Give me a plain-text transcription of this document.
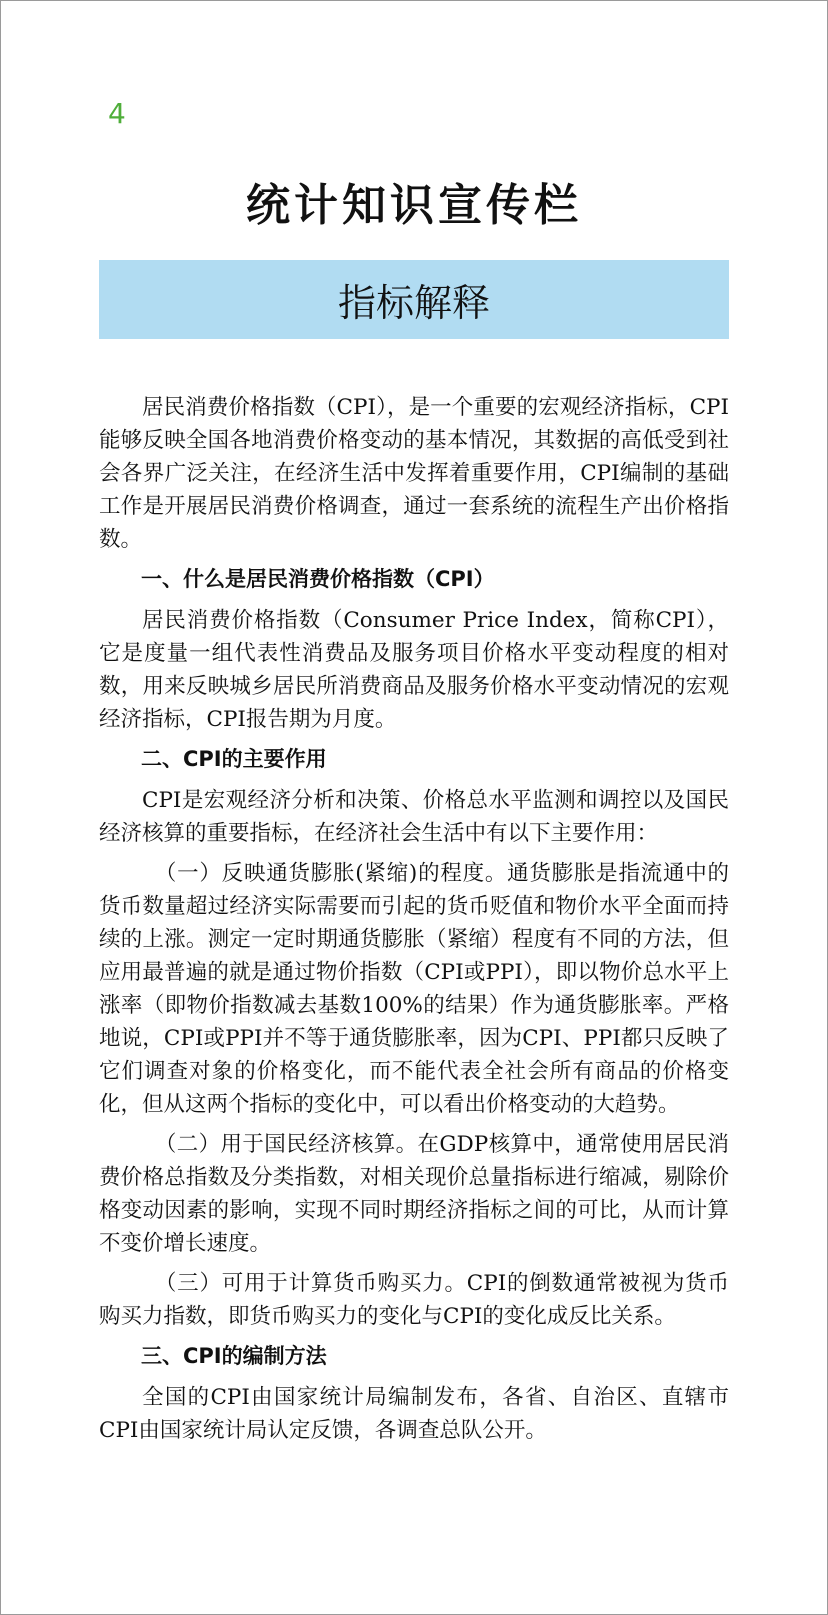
4
统计知识宣传栏
指标解释

居民消费价格指数（CPI），是一个重要的宏观经济指标，CPI能够反映全国各地消费价格变动的基本情况，其数据的高低受到社会各界广泛关注，在经济生活中发挥着重要作用，CPI编制的基础工作是开展居民消费价格调查，通过一套系统的流程生产出价格指数。

一、什么是居民消费价格指数（CPI）

居民消费价格指数（Consumer Price Index，简称CPI），它是度量一组代表性消费品及服务项目价格水平变动程度的相对数，用来反映城乡居民所消费商品及服务价格水平变动情况的宏观经济指标，CPI报告期为月度。

二、CPI的主要作用

CPI是宏观经济分析和决策、价格总水平监测和调控以及国民经济核算的重要指标，在经济社会生活中有以下主要作用：

（一）反映通货膨胀(紧缩)的程度。通货膨胀是指流通中的货币数量超过经济实际需要而引起的货币贬值和物价水平全面而持续的上涨。测定一定时期通货膨胀（紧缩）程度有不同的方法，但应用最普遍的就是通过物价指数（CPI或PPI），即以物价总水平上涨率（即物价指数减去基数100%的结果）作为通货膨胀率。严格地说，CPI或PPI并不等于通货膨胀率，因为CPI、PPI都只反映了它们调查对象的价格变化，而不能代表全社会所有商品的价格变化，但从这两个指标的变化中，可以看出价格变动的大趋势。

（二）用于国民经济核算。在GDP核算中，通常使用居民消费价格总指数及分类指数，对相关现价总量指标进行缩减，剔除价格变动因素的影响，实现不同时期经济指标之间的可比，从而计算不变价增长速度。

（三）可用于计算货币购买力。CPI的倒数通常被视为货币购买力指数，即货币购买力的变化与CPI的变化成反比关系。

三、CPI的编制方法

全国的CPI由国家统计局编制发布，各省、自治区、直辖市CPI由国家统计局认定反馈，各调查总队公开。
